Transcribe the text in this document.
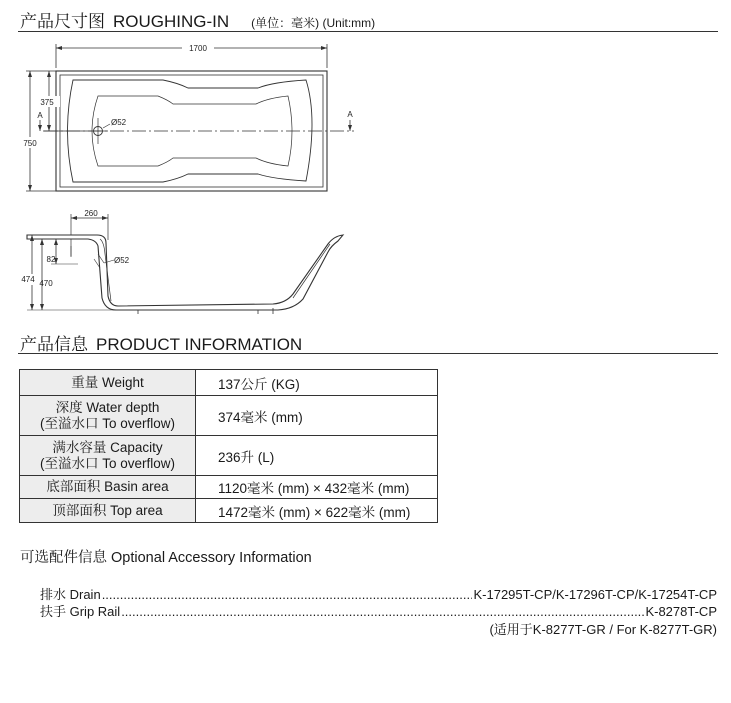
产品尺寸图 ROUGHING-IN (单位：毫米) (Unit:mm)
1700
750
375
A	A
Ø52
260
Ø52
474 470
82
产品信息 PRODUCT INFORMATION
重量 Weight	137公斤 (KG)
深度 Water depth
(至溢水口 To overflow)	374毫米 (mm)
满水容量 Capacity
(至溢水口 To overflow)	236升 (L)
底部面积 Basin area	1120毫米 (mm) × 432毫米 (mm)
顶部面积 Top area	1472毫米 (mm) × 622毫米 (mm)
可选配件信息 Optional Accessory Information
排水 Drain .....	K-17295T-CP/K-17296T-CP/K-17254T-CP
扶手 Grip Rail .....	K-8278T-CP
(适用于K-8277T-GR / For K-8277T-GR)
